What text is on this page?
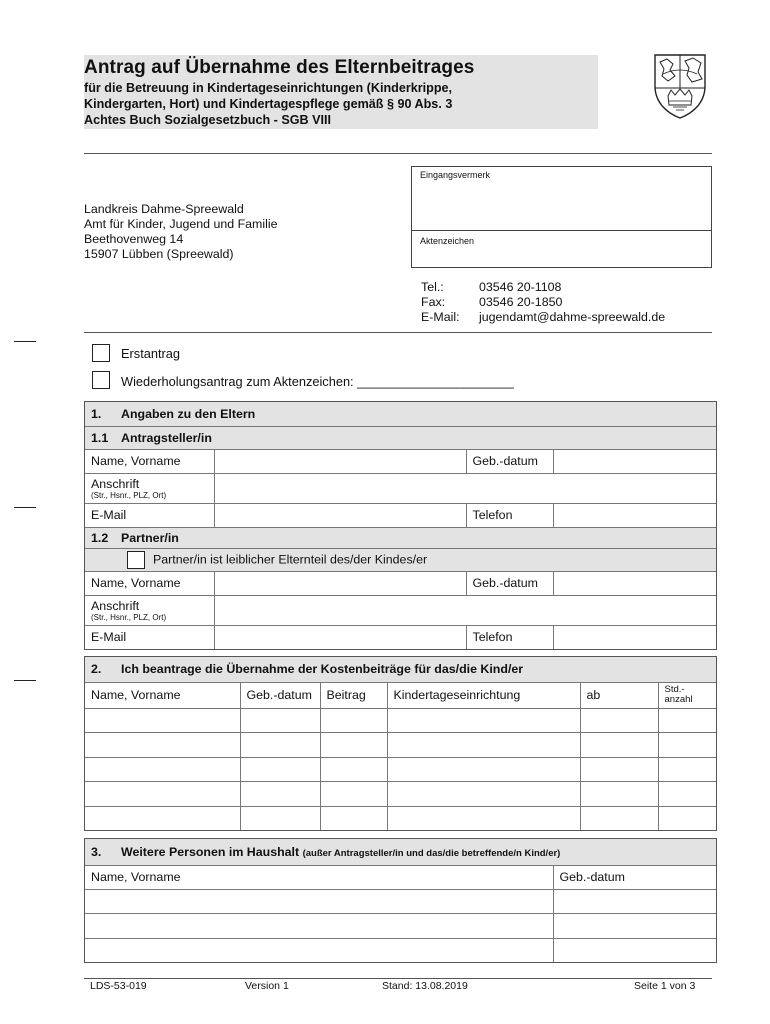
Antrag auf Übernahme des Elternbeitrages
für die Betreuung in Kindertageseinrichtungen (Kinderkrippe,
Kindergarten, Hort) und Kindertagespflege gemäß § 90 Abs. 3
Achtes Buch Sozialgesetzbuch - SGB VIII
Landkreis Dahme-Spreewald
Amt für Kinder, Jugend und Familie
Beethovenweg 14
15907 Lübben (Spreewald)
Eingangsvermerk
Aktenzeichen
Tel.:	03546 20-1108
Fax:	03546 20-1850
E-Mail: jugendamt@dahme-spreewald.de
Erstantrag
Wiederholungsantrag zum Aktenzeichen: ______________________
1. Angaben zu den Eltern			
1.1 Antragsteller/in			
Name, Vorname		Geb.-datum	
Anschrift
(Str., Hsnr., PLZ, Ort)			

E-Mail		Telefon	
1.2 Partner/in			
Partner/in ist leiblicher Elternteil des/der Kindes/er			
Name, Vorname		Geb.-datum	
Anschrift
(Str., Hsnr., PLZ, Ort)			

E-Mail		Telefon	
2. Ich beantrage die Übernahme der Kostenbeiträge für das/die Kind/er					
Name, Vorname	Geb.-datum	Beitrag	Kindertageseinrichtung	ab	Std.-
anzahl

3. Weitere Personen im Haushalt (außer Antragsteller/in und das/die betreffende/n Kind/er)	
Name, Vorname	Geb.-datum

LDS-53-019	Version 1	Stand: 13.08.2019	Seite 1 von 3
